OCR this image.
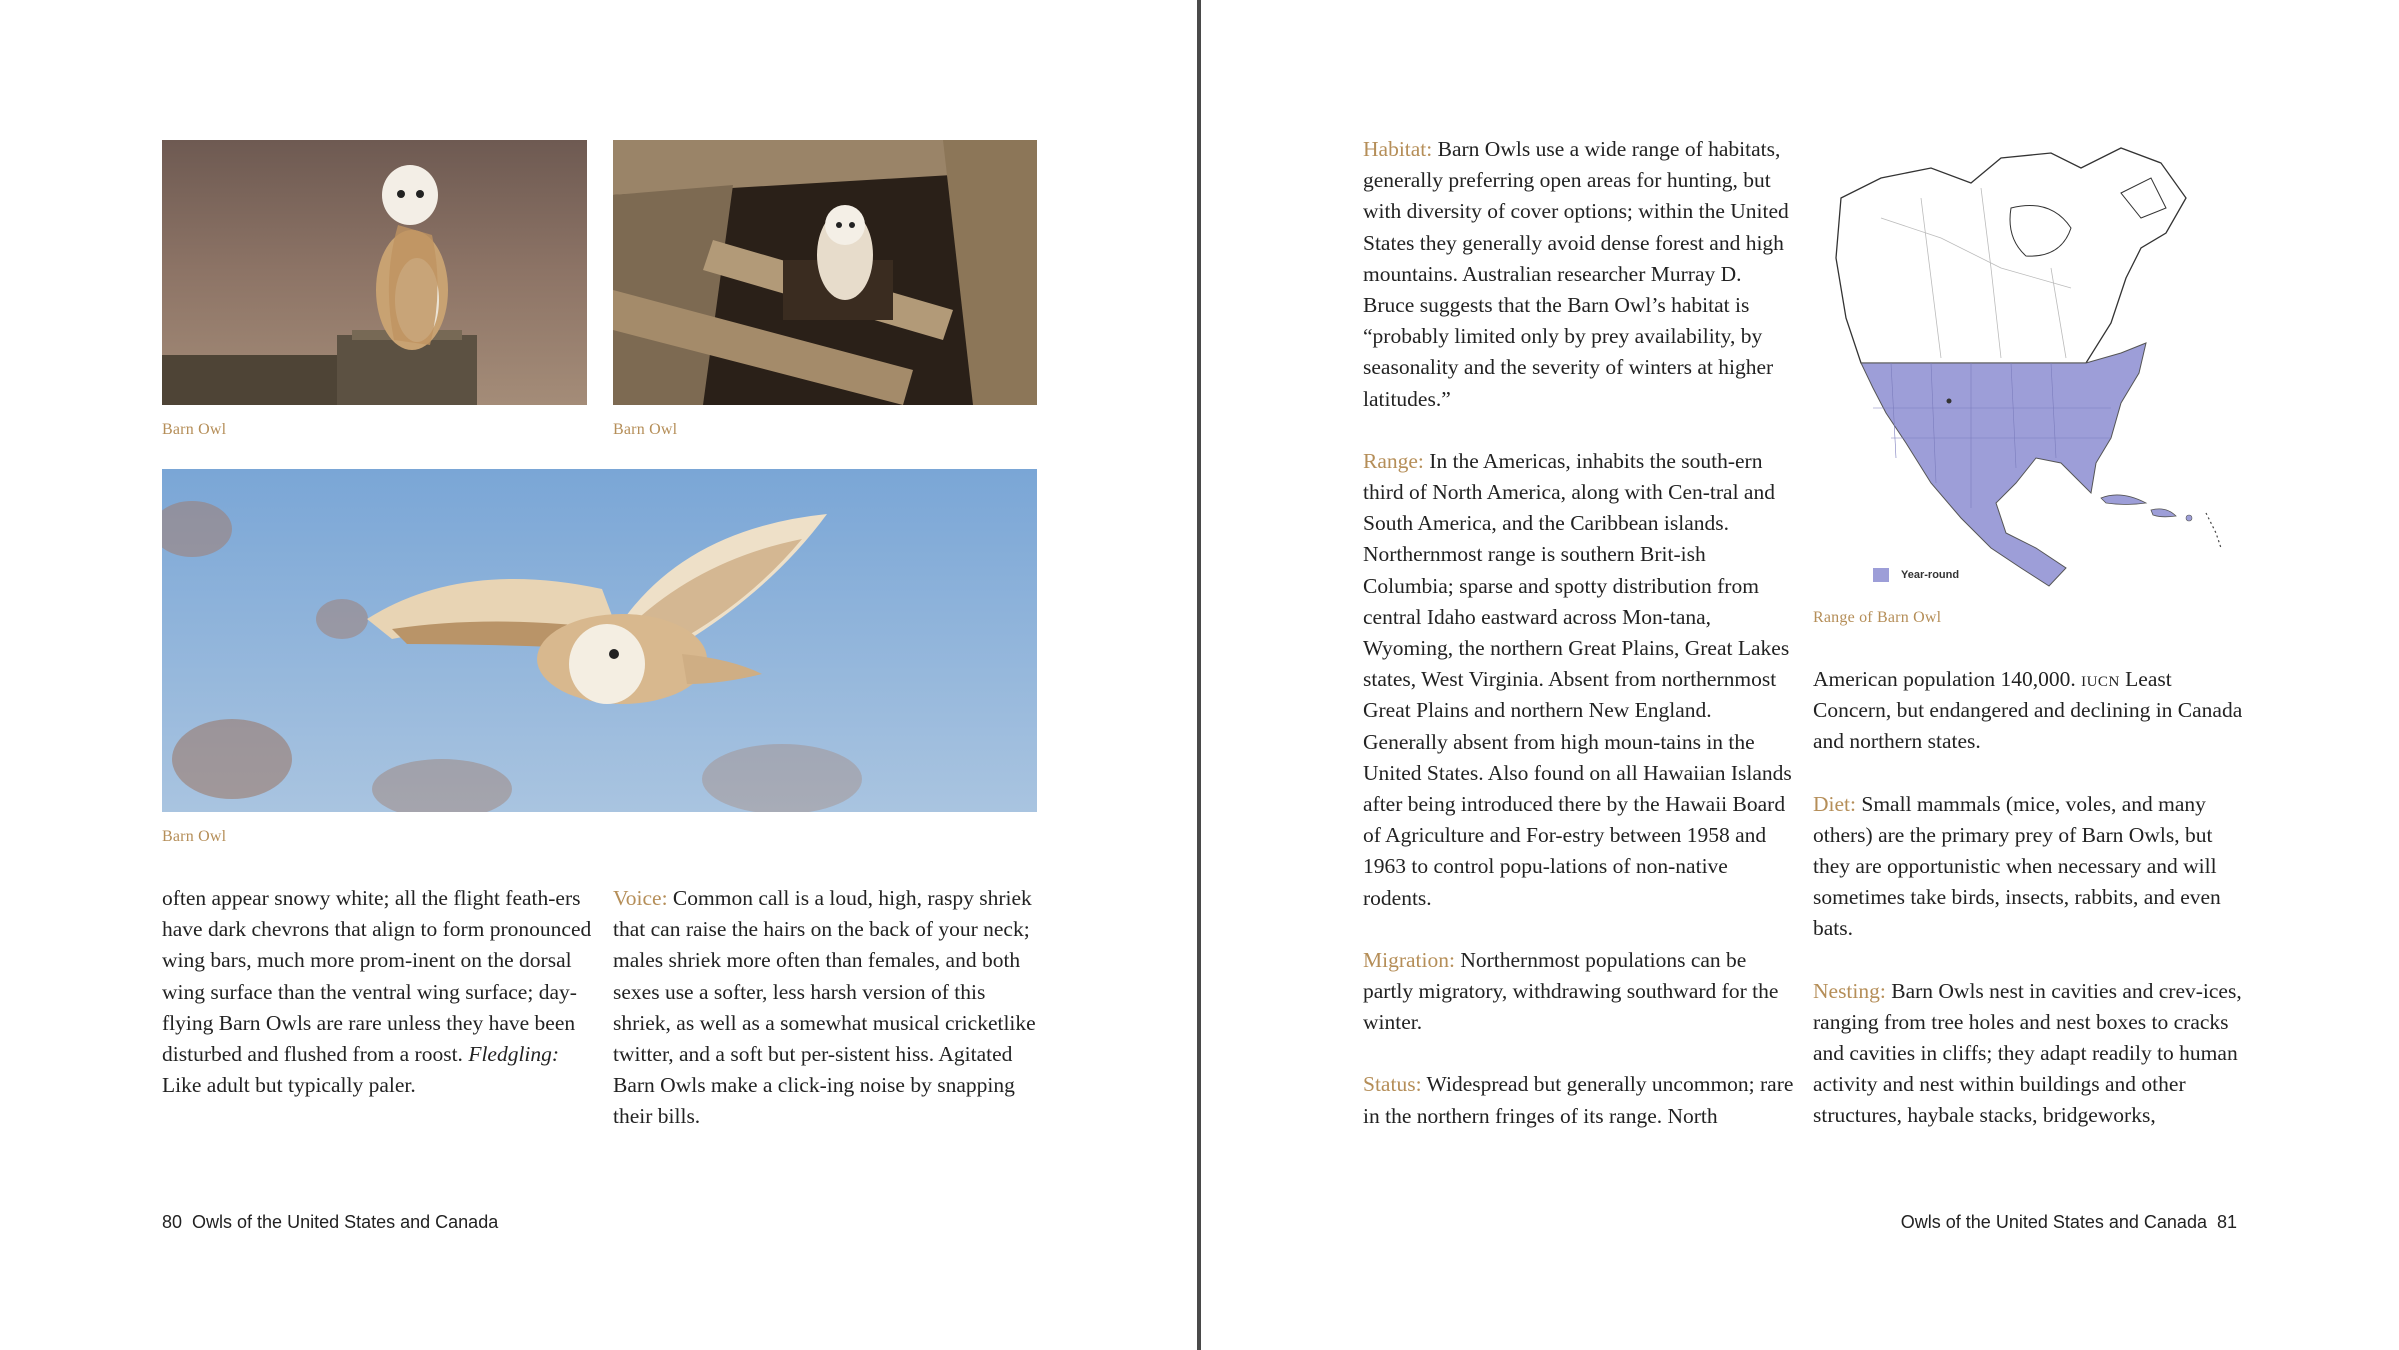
Barn Owl	Barn Owl
Barn Owl

often appear snowy white; all the flight feath-ers have dark chevrons that align to form pronounced wing bars, much more prom-inent on the dorsal wing surface than the ventral wing surface; day-flying Barn Owls are rare unless they have been disturbed and flushed from a roost. Fledgling: Like adult but typically paler.

Voice: Common call is a loud, high, raspy shriek that can raise the hairs on the back of your neck; males shriek more often than females, and both sexes use a softer, less harsh version of this shriek, as well as a somewhat musical cricketlike twitter, and a soft but per-sistent hiss. Agitated Barn Owls make a click-ing noise by snapping their bills.

80 Owls of the United States and Canada

Habitat: Barn Owls use a wide range of habitats, generally preferring open areas for hunting, but with diversity of cover options; within the United States they generally avoid dense forest and high mountains. Australian researcher Murray D. Bruce suggests that the Barn Owl’s habitat is “probably limited only by prey availability, by seasonality and the severity of winters at higher latitudes.”

Range: In the Americas, inhabits the south-ern third of North America, along with Cen-tral and South America, and the Caribbean islands. Northernmost range is southern Brit-ish Columbia; sparse and spotty distribution from central Idaho eastward across Mon-tana, Wyoming, the northern Great Plains, Great Lakes states, West Virginia. Absent from northernmost Great Plains and northern New England. Generally absent from high moun-tains in the United States. Also found on all Hawaiian Islands after being introduced there by the Hawaii Board of Agriculture and For-estry between 1958 and 1963 to control popu-lations of non-native rodents.

Migration: Northernmost populations can be partly migratory, withdrawing southward for the winter.

Status: Widespread but generally uncommon; rare in the northern fringes of its range. North

Year-round
Range of Barn Owl

American population 140,000. iucn Least Concern, but endangered and declining in Canada and northern states.

Diet: Small mammals (mice, voles, and many others) are the primary prey of Barn Owls, but they are opportunistic when necessary and will sometimes take birds, insects, rabbits, and even bats.

Nesting: Barn Owls nest in cavities and crev-ices, ranging from tree holes and nest boxes to cracks and cavities in cliffs; they adapt readily to human activity and nest within buildings and other structures, haybale stacks, bridgeworks,

Owls of the United States and Canada 81
